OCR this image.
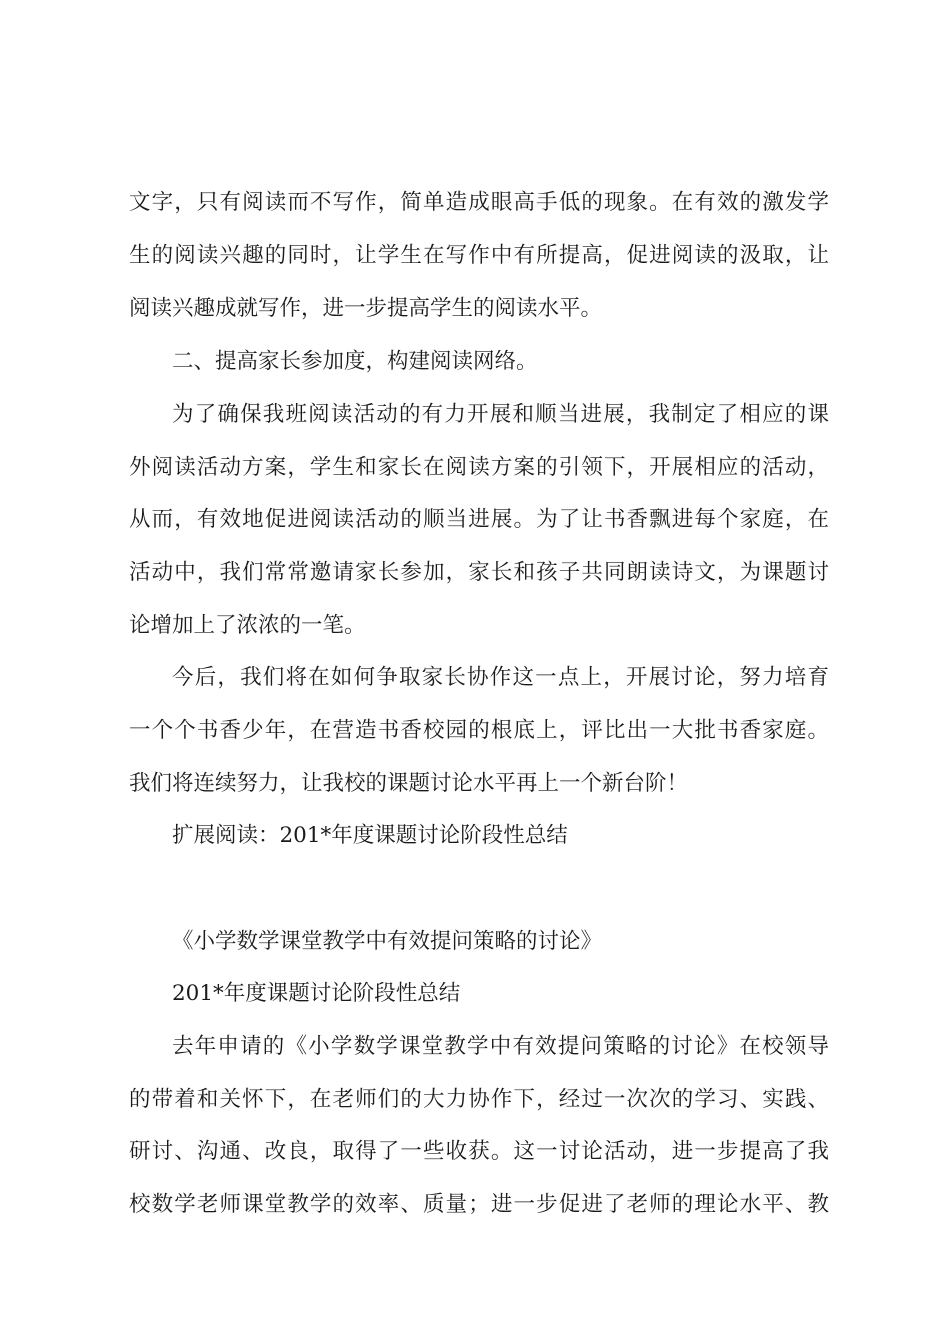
文字，只有阅读而不写作，简单造成眼高手低的现象。在有效的激发学
生的阅读兴趣的同时，让学生在写作中有所提高，促进阅读的汲取，让
阅读兴趣成就写作，进一步提高学生的阅读水平。
二、提高家长参加度，构建阅读网络。
为了确保我班阅读活动的有力开展和顺当进展，我制定了相应的课
外阅读活动方案，学生和家长在阅读方案的引领下，开展相应的活动，
从而，有效地促进阅读活动的顺当进展。为了让书香飘进每个家庭，在
活动中，我们常常邀请家长参加，家长和孩子共同朗读诗文，为课题讨
论增加上了浓浓的一笔。
今后，我们将在如何争取家长协作这一点上，开展讨论，努力培育
一个个书香少年，在营造书香校园的根底上，评比出一大批书香家庭。
我们将连续努力，让我校的课题讨论水平再上一个新台阶！
扩展阅读：201*年度课题讨论阶段性总结
《小学数学课堂教学中有效提问策略的讨论》
201*年度课题讨论阶段性总结
去年申请的《小学数学课堂教学中有效提问策略的讨论》在校领导
的带着和关怀下，在老师们的大力协作下，经过一次次的学习、实践、
研讨、沟通、改良，取得了一些收获。这一讨论活动，进一步提高了我
校数学老师课堂教学的效率、质量；进一步促进了老师的理论水平、教
